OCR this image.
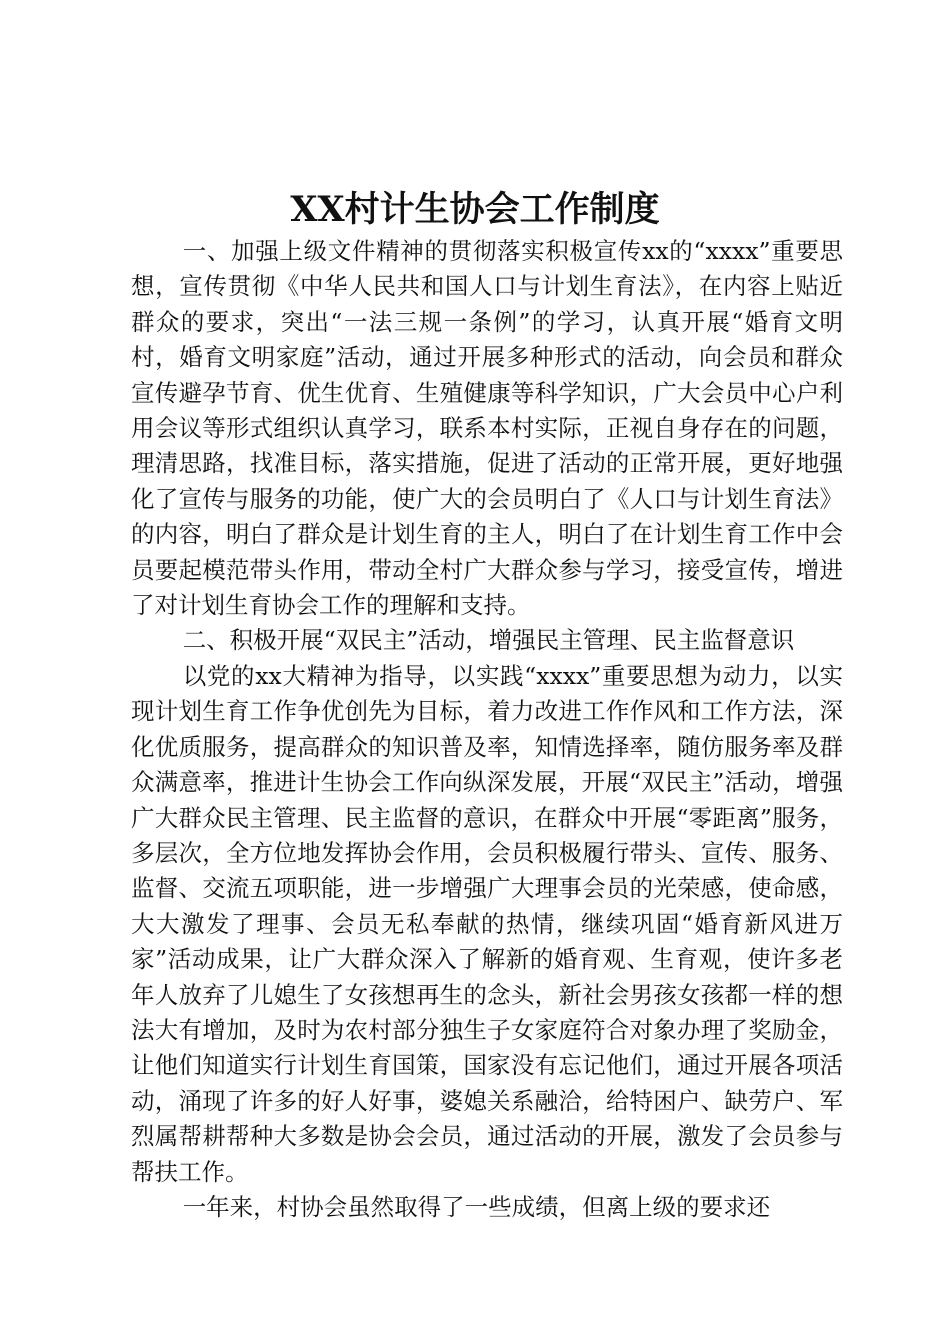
XX村计生协会工作制度

一、加强上级文件精神的贯彻落实积极宣传xx的“xxxx”重要思想，宣传贯彻《中华人民共和国人口与计划生育法》，在内容上贴近群众的要求，突出“一法三规一条例”的学习，认真开展“婚育文明村，婚育文明家庭”活动，通过开展多种形式的活动，向会员和群众宣传避孕节育、优生优育、生殖健康等科学知识，广大会员中心户利用会议等形式组织认真学习，联系本村实际，正视自身存在的问题，理清思路，找准目标，落实措施，促进了活动的正常开展，更好地强化了宣传与服务的功能，使广大的会员明白了《人口与计划生育法》的内容，明白了群众是计划生育的主人，明白了在计划生育工作中会员要起模范带头作用，带动全村广大群众参与学习，接受宣传，增进了对计划生育协会工作的理解和支持。

二、积极开展“双民主”活动，增强民主管理、民主监督意识

以党的xx大精神为指导，以实践“xxxx”重要思想为动力，以实现计划生育工作争优创先为目标，着力改进工作作风和工作方法，深化优质服务，提高群众的知识普及率，知情选择率，随仿服务率及群众满意率，推进计生协会工作向纵深发展，开展“双民主”活动，增强广大群众民主管理、民主监督的意识，在群众中开展“零距离”服务，多层次，全方位地发挥协会作用，会员积极履行带头、宣传、服务、监督、交流五项职能，进一步增强广大理事会员的光荣感，使命感，大大激发了理事、会员无私奉献的热情，继续巩固“婚育新风进万家”活动成果，让广大群众深入了解新的婚育观、生育观，使许多老年人放弃了儿媳生了女孩想再生的念头，新社会男孩女孩都一样的想法大有增加，及时为农村部分独生子女家庭符合对象办理了奖励金，让他们知道实行计划生育国策，国家没有忘记他们，通过开展各项活动，涌现了许多的好人好事，婆媳关系融洽，给特困户、缺劳户、军烈属帮耕帮种大多数是协会会员，通过活动的开展，激发了会员参与帮扶工作。

一年来，村协会虽然取得了一些成绩，但离上级的要求还
